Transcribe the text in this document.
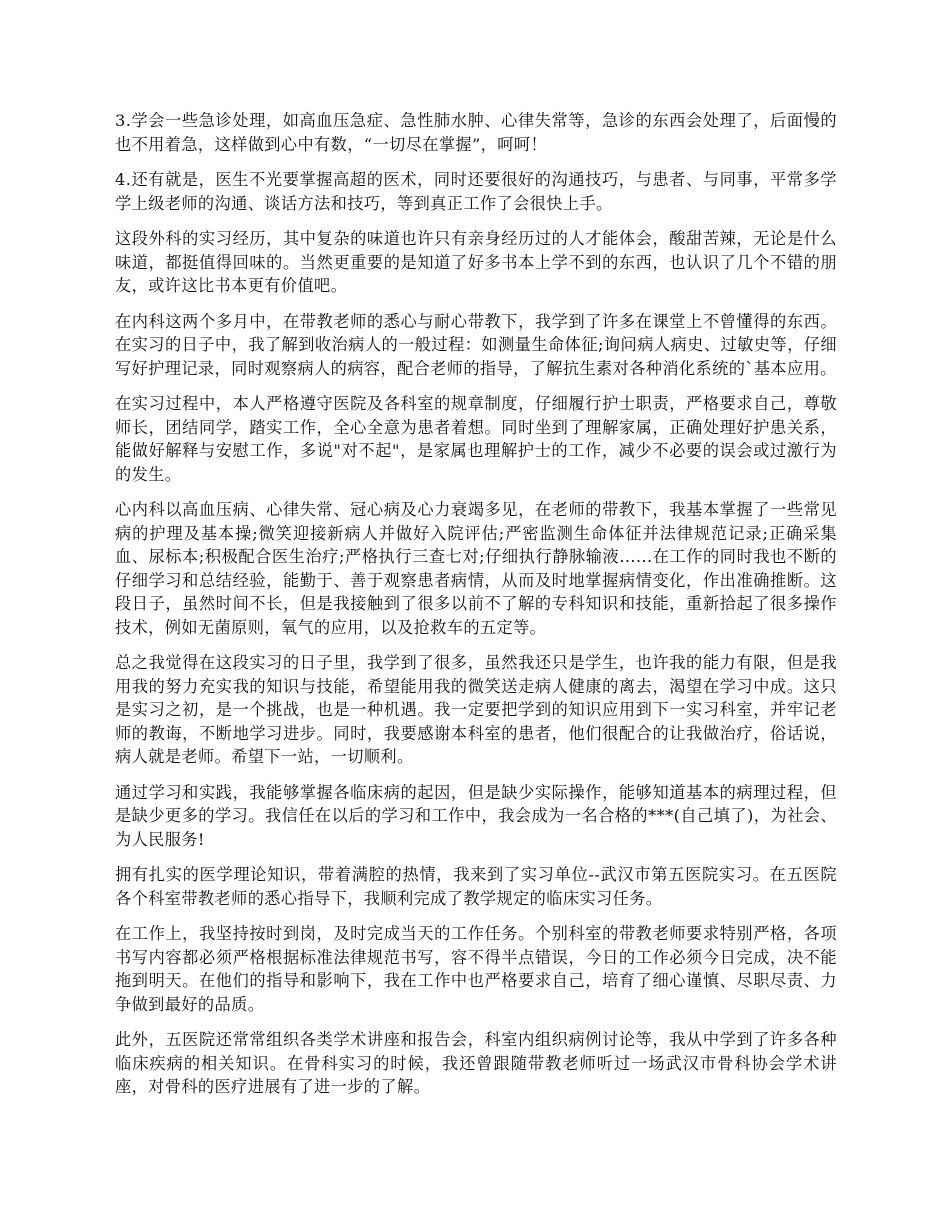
3.学会一些急诊处理，如高血压急症、急性肺水肿、心律失常等，急诊的东西会处理了，后面慢的也不用着急，这样做到心中有数，“一切尽在掌握”，呵呵！

4.还有就是，医生不光要掌握高超的医术，同时还要很好的沟通技巧，与患者、与同事，平常多学学上级老师的沟通、谈话方法和技巧，等到真正工作了会很快上手。

这段外科的实习经历，其中复杂的味道也许只有亲身经历过的人才能体会，酸甜苦辣，无论是什么味道，都挺值得回味的。当然更重要的是知道了好多书本上学不到的东西，也认识了几个不错的朋友，或许这比书本更有价值吧。

在内科这两个多月中，在带教老师的悉心与耐心带教下，我学到了许多在课堂上不曾懂得的东西。在实习的日子中，我了解到收治病人的一般过程：如测量生命体征;询问病人病史、过敏史等，仔细写好护理记录，同时观察病人的病容，配合老师的指导，了解抗生素对各种消化系统的`基本应用。

在实习过程中，本人严格遵守医院及各科室的规章制度，仔细履行护士职责，严格要求自己，尊敬师长，团结同学，踏实工作，全心全意为患者着想。同时坐到了理解家属，正确处理好护患关系，能做好解释与安慰工作，多说"对不起"，是家属也理解护士的工作，减少不必要的误会或过激行为的发生。

心内科以高血压病、心律失常、冠心病及心力衰竭多见，在老师的带教下，我基本掌握了一些常见病的护理及基本操;微笑迎接新病人并做好入院评估;严密监测生命体征并法律规范记录;正确采集血、尿标本;积极配合医生治疗;严格执行三查七对;仔细执行静脉输液......在工作的同时我也不断的仔细学习和总结经验，能勤于、善于观察患者病情，从而及时地掌握病情变化，作出准确推断。这段日子，虽然时间不长，但是我接触到了很多以前不了解的专科知识和技能，重新拾起了很多操作技术，例如无菌原则，氧气的应用，以及抢救车的五定等。

总之我觉得在这段实习的日子里，我学到了很多，虽然我还只是学生，也许我的能力有限，但是我用我的努力充实我的知识与技能，希望能用我的微笑送走病人健康的离去，渴望在学习中成。这只是实习之初，是一个挑战，也是一种机遇。我一定要把学到的知识应用到下一实习科室，并牢记老师的教诲，不断地学习进步。同时，我要感谢本科室的患者，他们很配合的让我做治疗，俗话说，病人就是老师。希望下一站，一切顺利。

通过学习和实践，我能够掌握各临床病的起因，但是缺少实际操作，能够知道基本的病理过程，但是缺少更多的学习。我信任在以后的学习和工作中，我会成为一名合格的***(自己填了)，为社会、为人民服务!

拥有扎实的医学理论知识，带着满腔的热情，我来到了实习单位--武汉市第五医院实习。在五医院各个科室带教老师的悉心指导下，我顺利完成了教学规定的临床实习任务。

在工作上，我坚持按时到岗，及时完成当天的工作任务。个别科室的带教老师要求特别严格，各项书写内容都必须严格根据标准法律规范书写，容不得半点错误，今日的工作必须今日完成，决不能拖到明天。在他们的指导和影响下，我在工作中也严格要求自己，培育了细心谨慎、尽职尽责、力争做到最好的品质。

此外，五医院还常常组织各类学术讲座和报告会，科室内组织病例讨论等，我从中学到了许多各种临床疾病的相关知识。在骨科实习的时候，我还曾跟随带教老师听过一场武汉市骨科协会学术讲座，对骨科的医疗进展有了进一步的了解。
